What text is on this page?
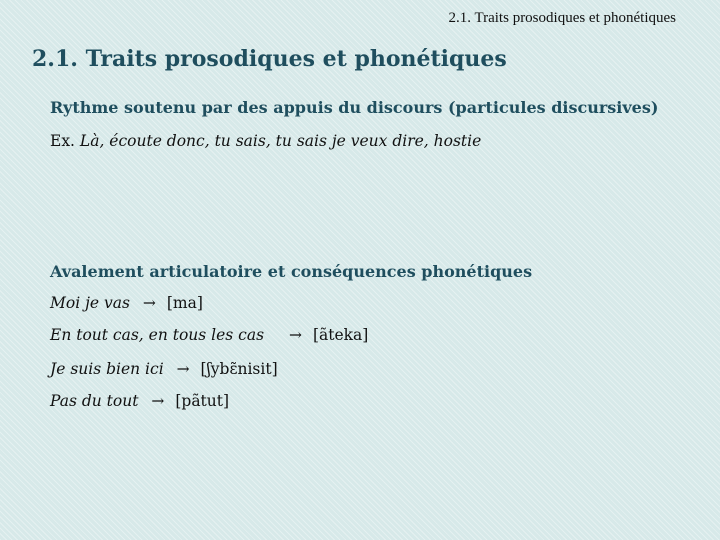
2.1. Traits prosodiques et phonétiques
2.1. Traits prosodiques et phonétiques
Rythme soutenu par des appuis du discours (particules discursives)
Ex. Là, écoute donc, tu sais, tu sais je veux dire, hostie
Avalement articulatoire et conséquences phonétiques
Moi je vas → [ma]
En tout cas, en tous les cas → [ãteka]
Je suis bien ici → [ʃybɛ̃nisit]
Pas du tout → [pãtut]
